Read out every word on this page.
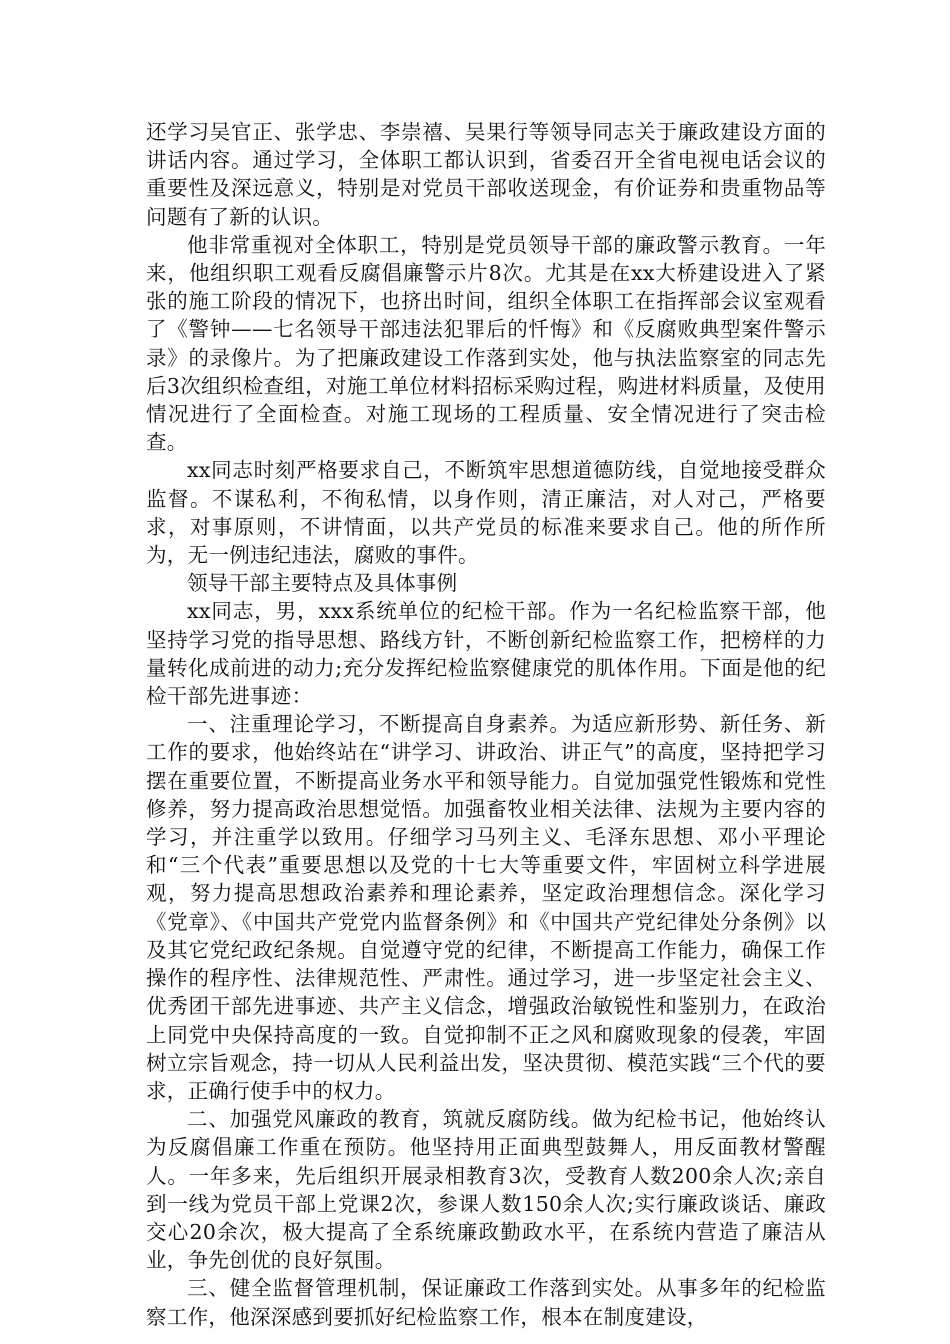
还学习吴官正、张学忠、李崇禧、吴果行等领导同志关于廉政建设方面的讲话内容。通过学习，全体职工都认识到，省委召开全省电视电话会议的重要性及深远意义，特别是对党员干部收送现金，有价证券和贵重物品等问题有了新的认识。

他非常重视对全体职工，特别是党员领导干部的廉政警示教育。一年来，他组织职工观看反腐倡廉警示片8次。尤其是在xx大桥建设进入了紧张的施工阶段的情况下，也挤出时间，组织全体职工在指挥部会议室观看了《警钟——七名领导干部违法犯罪后的忏悔》和《反腐败典型案件警示录》的录像片。为了把廉政建设工作落到实处，他与执法监察室的同志先后3次组织检查组，对施工单位材料招标采购过程，购进材料质量，及使用情况进行了全面检查。对施工现场的工程质量、安全情况进行了突击检查。

xx同志时刻严格要求自己，不断筑牢思想道德防线，自觉地接受群众监督。不谋私利，不徇私情，以身作则，清正廉洁，对人对己，严格要求，对事原则，不讲情面，以共产党员的标准来要求自己。他的所作所为，无一例违纪违法，腐败的事件。

领导干部主要特点及具体事例

xx同志，男，xxx系统单位的纪检干部。作为一名纪检监察干部，他坚持学习党的指导思想、路线方针，不断创新纪检监察工作，把榜样的力量转化成前进的动力;充分发挥纪检监察健康党的肌体作用。下面是他的纪检干部先进事迹：

一、注重理论学习，不断提高自身素养。为适应新形势、新任务、新工作的要求，他始终站在“讲学习、讲政治、讲正气”的高度，坚持把学习摆在重要位置，不断提高业务水平和领导能力。自觉加强党性锻炼和党性修养，努力提高政治思想觉悟。加强畜牧业相关法律、法规为主要内容的学习，并注重学以致用。仔细学习马列主义、毛泽东思想、邓小平理论和“三个代表”重要思想以及党的十七大等重要文件，牢固树立科学进展观，努力提高思想政治素养和理论素养，坚定政治理想信念。深化学习《党章》、《中国共产党党内监督条例》和《中国共产党纪律处分条例》以及其它党纪政纪条规。自觉遵守党的纪律，不断提高工作能力，确保工作操作的程序性、法律规范性、严肃性。通过学习，进一步坚定社会主义、优秀团干部先进事迹、共产主义信念，增强政治敏锐性和鉴别力，在政治上同党中央保持高度的一致。自觉抑制不正之风和腐败现象的侵袭，牢固树立宗旨观念，持一切从人民利益出发，坚决贯彻、模范实践“三个代的要求，正确行使手中的权力。

二、加强党风廉政的教育，筑就反腐防线。做为纪检书记，他始终认为反腐倡廉工作重在预防。他坚持用正面典型鼓舞人，用反面教材警醒人。一年多来，先后组织开展录相教育3次，受教育人数200余人次;亲自到一线为党员干部上党课2次，参课人数150余人次;实行廉政谈话、廉政交心20余次，极大提高了全系统廉政勤政水平，在系统内营造了廉洁从业，争先创优的良好氛围。

三、健全监督管理机制，保证廉政工作落到实处。从事多年的纪检监察工作，他深深感到要抓好纪检监察工作，根本在制度建设，
